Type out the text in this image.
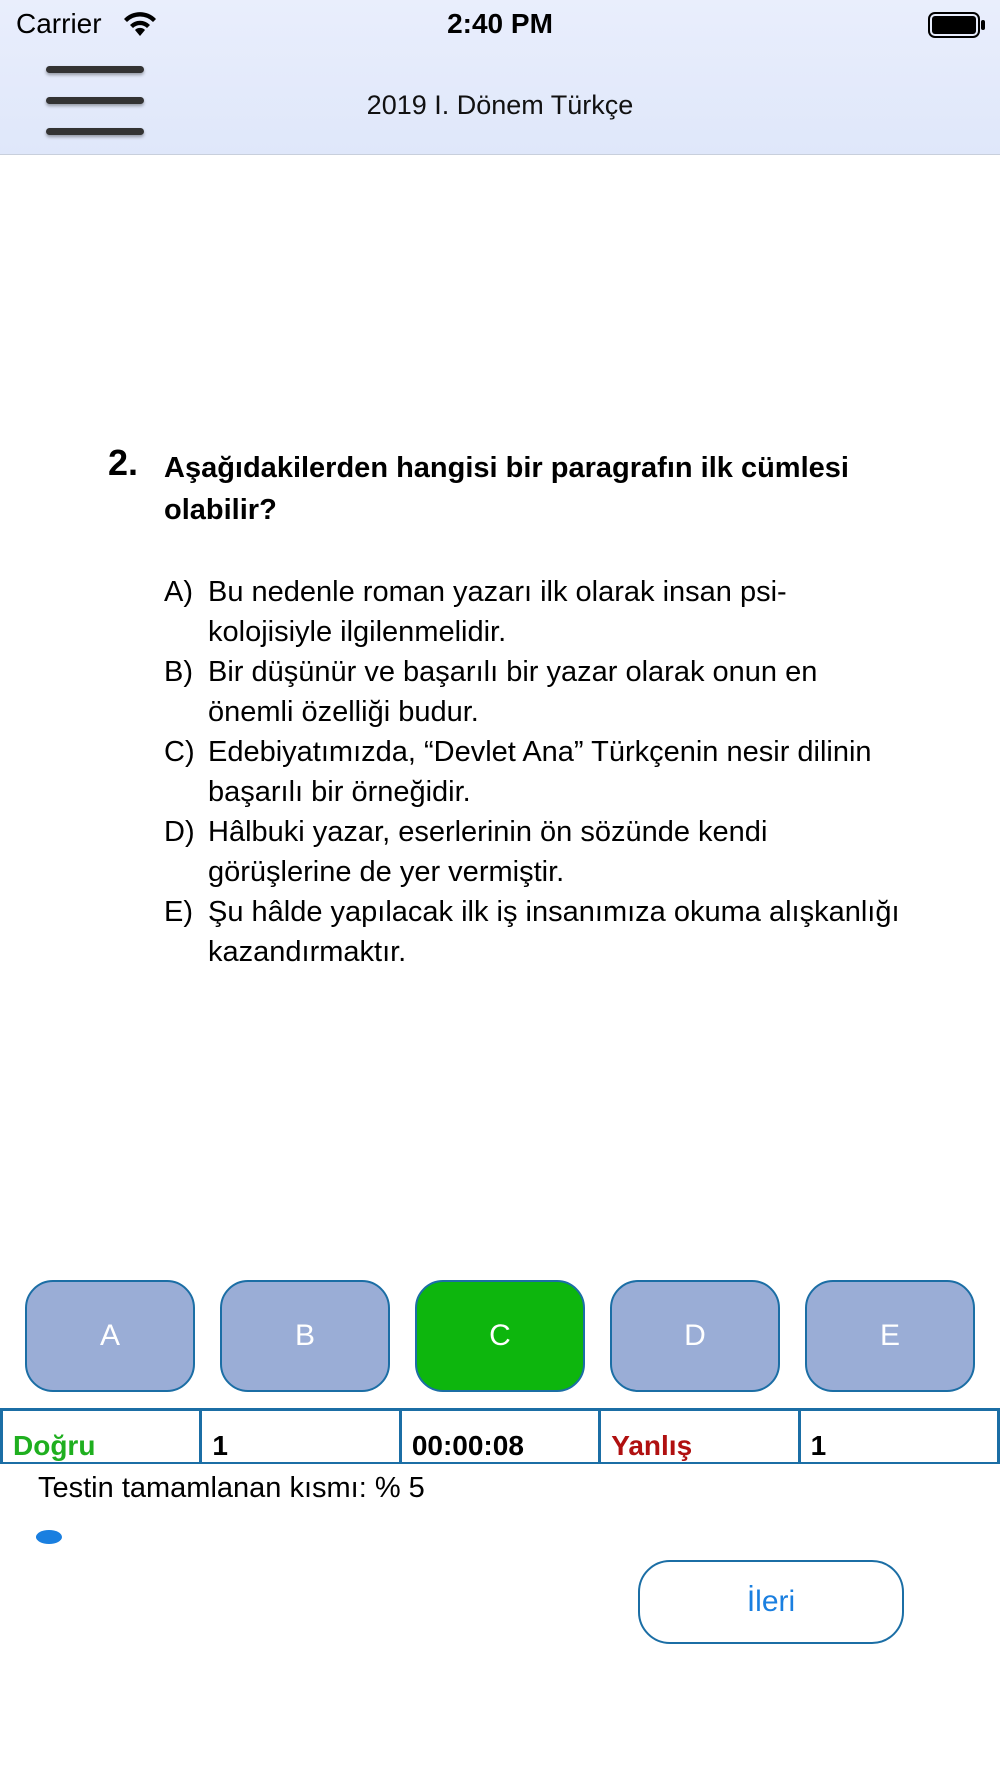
Carrier	2:40 PM
2019 I. Dönem Türkçe
2. Aşağıdakilerden hangisi bir paragrafın ilk cümlesi olabilir?
A) Bu nedenle roman yazarı ilk olarak insan psi-kolojisiyle ilgilenmelidir.
B) Bir düşünür ve başarılı bir yazar olarak onun en önemli özelliği budur.
C) Edebiyatımızda, “Devlet Ana” Türkçenin nesir dilinin başarılı bir örneğidir.
D) Hâlbuki yazar, eserlerinin ön sözünde kendi görüşlerine de yer vermiştir.
E) Şu hâlde yapılacak ilk iş insanımıza okuma alışkanlığı kazandırmaktır.
A	B	C	D	E
Doğru	1	00:00:08	Yanlış	1
Testin tamamlanan kısmı: % 5
İleri
